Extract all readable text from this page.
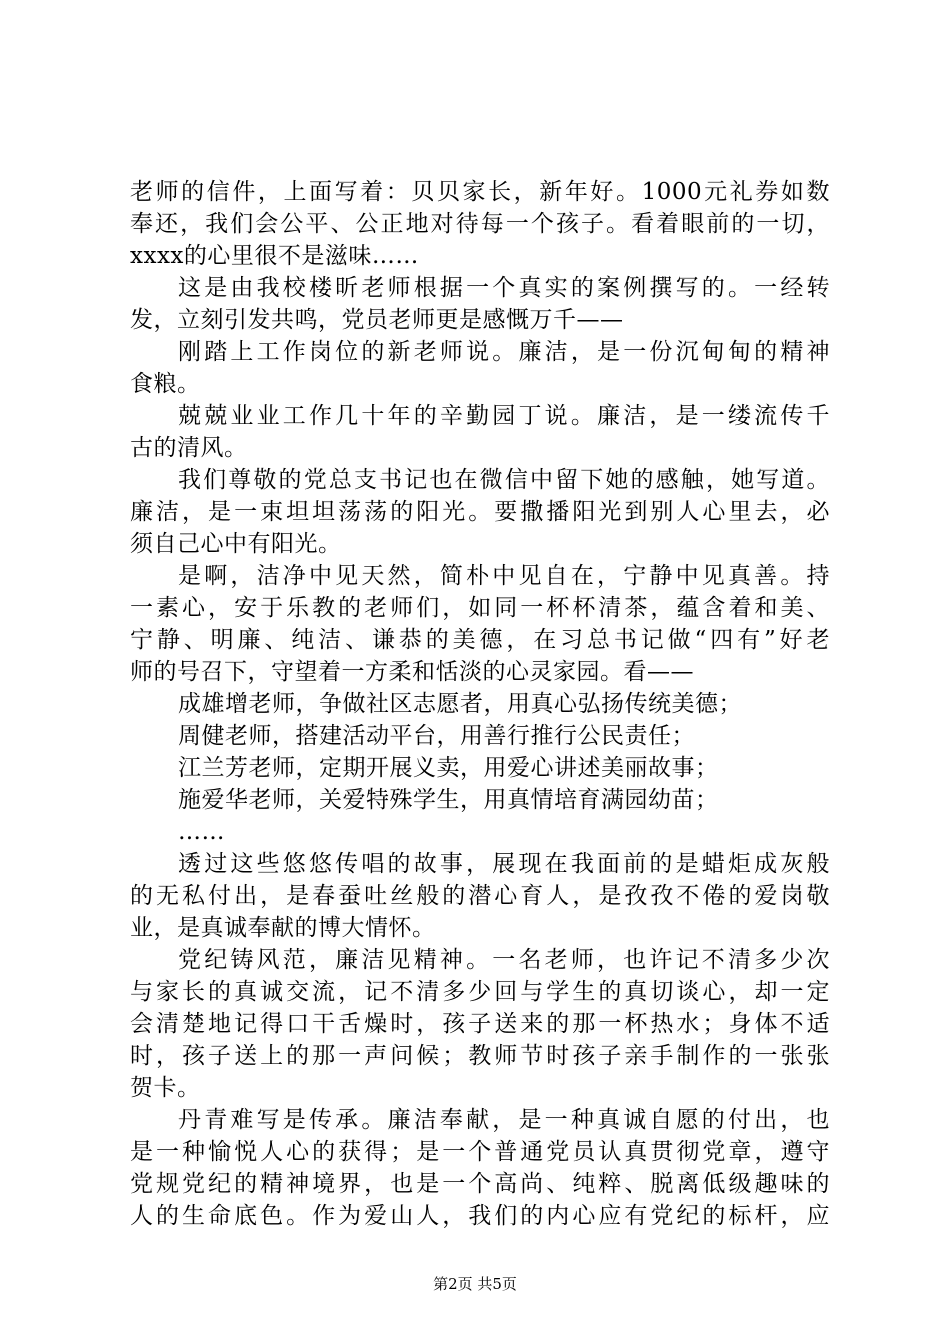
老师的信件，上面写着：贝贝家长，新年好。1000元礼券如数
奉还，我们会公平、公正地对待每一个孩子。看着眼前的一切，
xxxx的心里很不是滋味……
这是由我校楼昕老师根据一个真实的案例撰写的。一经转
发，立刻引发共鸣，党员老师更是感慨万千——
刚踏上工作岗位的新老师说。廉洁，是一份沉甸甸的精神
食粮。
兢兢业业工作几十年的辛勤园丁说。廉洁，是一缕流传千
古的清风。
我们尊敬的党总支书记也在微信中留下她的感触，她写道。
廉洁，是一束坦坦荡荡的阳光。要撒播阳光到别人心里去，必
须自己心中有阳光。
是啊，洁净中见天然，简朴中见自在，宁静中见真善。持
一素心，安于乐教的老师们，如同一杯杯清茶，蕴含着和美、
宁静、明廉、纯洁、谦恭的美德，在习总书记做“四有”好老
师的号召下，守望着一方柔和恬淡的心灵家园。看——
成雄增老师，争做社区志愿者，用真心弘扬传统美德；
周健老师，搭建活动平台，用善行推行公民责任；
江兰芳老师，定期开展义卖，用爱心讲述美丽故事；
施爱华老师，关爱特殊学生，用真情培育满园幼苗；
……
透过这些悠悠传唱的故事，展现在我面前的是蜡炬成灰般
的无私付出，是春蚕吐丝般的潜心育人，是孜孜不倦的爱岗敬
业，是真诚奉献的博大情怀。
党纪铸风范，廉洁见精神。一名老师，也许记不清多少次
与家长的真诚交流，记不清多少回与学生的真切谈心，却一定
会清楚地记得口干舌燥时，孩子送来的那一杯热水；身体不适
时，孩子送上的那一声问候；教师节时孩子亲手制作的一张张
贺卡。
丹青难写是传承。廉洁奉献，是一种真诚自愿的付出，也
是一种愉悦人心的获得；是一个普通党员认真贯彻党章，遵守
党规党纪的精神境界，也是一个高尚、纯粹、脱离低级趣味的
人的生命底色。作为爱山人，我们的内心应有党纪的标杆，应
第2页 共5页
